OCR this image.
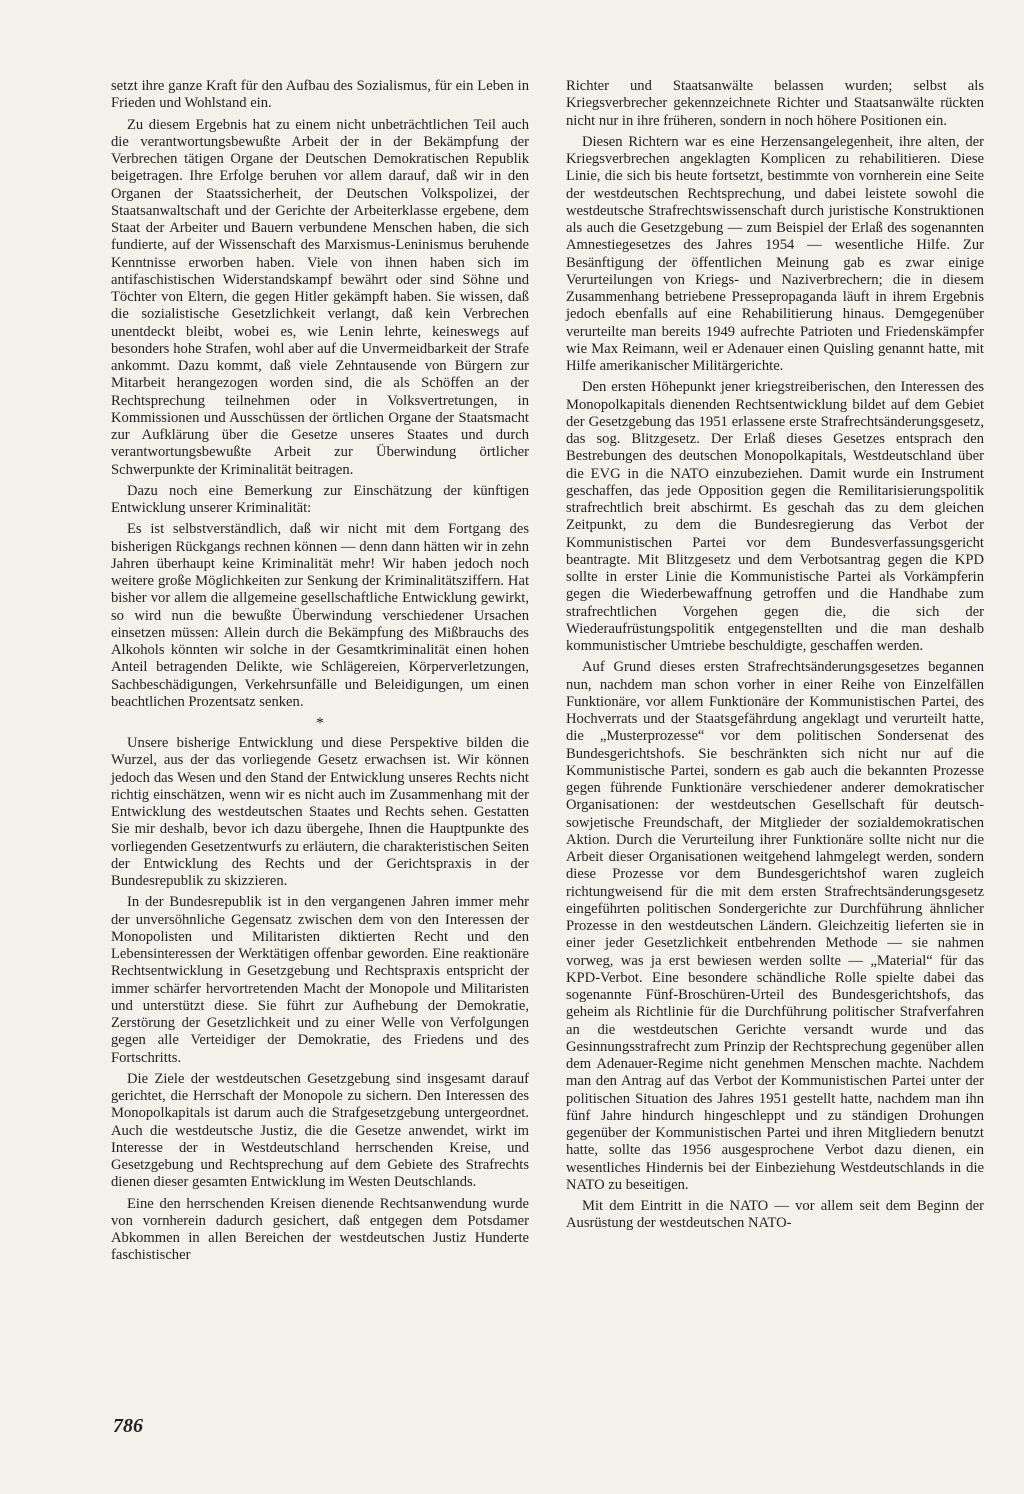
setzt ihre ganze Kraft für den Aufbau des Sozialismus, für ein Leben in Frieden und Wohlstand ein.

Zu diesem Ergebnis hat zu einem nicht unbeträchtlichen Teil auch die verantwortungsbewußte Arbeit der in der Bekämpfung der Verbrechen tätigen Organe der Deutschen Demokratischen Republik beigetragen. Ihre Erfolge beruhen vor allem darauf, daß wir in den Organen der Staatssicherheit, der Deutschen Volkspolizei, der Staatsanwaltschaft und der Gerichte der Arbeiterklasse ergebene, dem Staat der Arbeiter und Bauern verbundene Menschen haben, die sich fundierte, auf der Wissenschaft des Marxismus-Leninismus beruhende Kenntnisse erworben haben. Viele von ihnen haben sich im antifaschistischen Widerstandskampf bewährt oder sind Söhne und Töchter von Eltern, die gegen Hitler gekämpft haben. Sie wissen, daß die sozialistische Gesetzlichkeit verlangt, daß kein Verbrechen unentdeckt bleibt, wobei es, wie Lenin lehrte, keineswegs auf besonders hohe Strafen, wohl aber auf die Unvermeidbarkeit der Strafe ankommt. Dazu kommt, daß viele Zehntausende von Bürgern zur Mitarbeit herangezogen worden sind, die als Schöffen an der Rechtsprechung teilnehmen oder in Volksvertretungen, in Kommissionen und Ausschüssen der örtlichen Organe der Staatsmacht zur Aufklärung über die Gesetze unseres Staates und durch verantwortungsbewußte Arbeit zur Überwindung örtlicher Schwerpunkte der Kriminalität beitragen.

Dazu noch eine Bemerkung zur Einschätzung der künftigen Entwicklung unserer Kriminalität:

Es ist selbstverständlich, daß wir nicht mit dem Fortgang des bisherigen Rückgangs rechnen können — denn dann hätten wir in zehn Jahren überhaupt keine Kriminalität mehr! Wir haben jedoch noch weitere große Möglichkeiten zur Senkung der Kriminalitätsziffern. Hat bisher vor allem die allgemeine gesellschaftliche Entwicklung gewirkt, so wird nun die bewußte Überwindung verschiedener Ursachen einsetzen müssen: Allein durch die Bekämpfung des Mißbrauchs des Alkohols könnten wir solche in der Gesamtkriminalität einen hohen Anteil betragenden Delikte, wie Schlägereien, Körperverletzungen, Sachbeschädigungen, Verkehrsunfälle und Beleidigungen, um einen beachtlichen Prozentsatz senken.

*

Unsere bisherige Entwicklung und diese Perspektive bilden die Wurzel, aus der das vorliegende Gesetz erwachsen ist. Wir können jedoch das Wesen und den Stand der Entwicklung unseres Rechts nicht richtig einschätzen, wenn wir es nicht auch im Zusammenhang mit der Entwicklung des westdeutschen Staates und Rechts sehen. Gestatten Sie mir deshalb, bevor ich dazu übergehe, Ihnen die Hauptpunkte des vorliegenden Gesetzentwurfs zu erläutern, die charakteristischen Seiten der Entwicklung des Rechts und der Gerichtspraxis in der Bundesrepublik zu skizzieren.

In der Bundesrepublik ist in den vergangenen Jahren immer mehr der unversöhnliche Gegensatz zwischen dem von den Interessen der Monopolisten und Militaristen diktierten Recht und den Lebensinteressen der Werktätigen offenbar geworden. Eine reaktionäre Rechtsentwicklung in Gesetzgebung und Rechtspraxis entspricht der immer schärfer hervortretenden Macht der Monopole und Militaristen und unterstützt diese. Sie führt zur Aufhebung der Demokratie, Zerstörung der Gesetzlichkeit und zu einer Welle von Verfolgungen gegen alle Verteidiger der Demokratie, des Friedens und des Fortschritts.

Die Ziele der westdeutschen Gesetzgebung sind insgesamt darauf gerichtet, die Herrschaft der Monopole zu sichern. Den Interessen des Monopolkapitals ist darum auch die Strafgesetzgebung untergeordnet. Auch die westdeutsche Justiz, die die Gesetze anwendet, wirkt im Interesse der in Westdeutschland herrschenden Kreise, und Gesetzgebung und Rechtsprechung auf dem Gebiete des Strafrechts dienen dieser gesamten Entwicklung im Westen Deutschlands.

Eine den herrschenden Kreisen dienende Rechtsanwendung wurde von vornherein dadurch gesichert, daß entgegen dem Potsdamer Abkommen in allen Bereichen der westdeutschen Justiz Hunderte faschistischer

Richter und Staatsanwälte belassen wurden; selbst als Kriegsverbrecher gekennzeichnete Richter und Staatsanwälte rückten nicht nur in ihre früheren, sondern in noch höhere Positionen ein.

Diesen Richtern war es eine Herzensangelegenheit, ihre alten, der Kriegsverbrechen angeklagten Komplicen zu rehabilitieren. Diese Linie, die sich bis heute fortsetzt, bestimmte von vornherein eine Seite der westdeutschen Rechtsprechung, und dabei leistete sowohl die westdeutsche Strafrechtswissenschaft durch juristische Konstruktionen als auch die Gesetzgebung — zum Beispiel der Erlaß des sogenannten Amnestiegesetzes des Jahres 1954 — wesentliche Hilfe. Zur Besänftigung der öffentlichen Meinung gab es zwar einige Verurteilungen von Kriegs- und Naziverbrechern; die in diesem Zusammenhang betriebene Pressepropaganda läuft in ihrem Ergebnis jedoch ebenfalls auf eine Rehabilitierung hinaus. Demgegenüber verurteilte man bereits 1949 aufrechte Patrioten und Friedenskämpfer wie Max Reimann, weil er Adenauer einen Quisling genannt hatte, mit Hilfe amerikanischer Militärgerichte.

Den ersten Höhepunkt jener kriegstreiberischen, den Interessen des Monopolkapitals dienenden Rechtsentwicklung bildet auf dem Gebiet der Gesetzgebung das 1951 erlassene erste Strafrechtsänderungsgesetz, das sog. Blitzgesetz. Der Erlaß dieses Gesetzes entsprach den Bestrebungen des deutschen Monopolkapitals, Westdeutschland über die EVG in die NATO einzubeziehen. Damit wurde ein Instrument geschaffen, das jede Opposition gegen die Remilitarisierungspolitik strafrechtlich breit abschirmt. Es geschah das zu dem gleichen Zeitpunkt, zu dem die Bundesregierung das Verbot der Kommunistischen Partei vor dem Bundesverfassungsgericht beantragte. Mit Blitzgesetz und dem Verbotsantrag gegen die KPD sollte in erster Linie die Kommunistische Partei als Vorkämpferin gegen die Wiederbewaffnung getroffen und die Handhabe zum strafrechtlichen Vorgehen gegen die, die sich der Wiederaufrüstungspolitik entgegenstellten und die man deshalb kommunistischer Umtriebe beschuldigte, geschaffen werden.

Auf Grund dieses ersten Strafrechtsänderungsgesetzes begannen nun, nachdem man schon vorher in einer Reihe von Einzelfällen Funktionäre, vor allem Funktionäre der Kommunistischen Partei, des Hochverrats und der Staatsgefährdung angeklagt und verurteilt hatte, die „Musterprozesse“ vor dem politischen Sondersenat des Bundesgerichtshofs. Sie beschränkten sich nicht nur auf die Kommunistische Partei, sondern es gab auch die bekannten Prozesse gegen führende Funktionäre verschiedener anderer demokratischer Organisationen: der westdeutschen Gesellschaft für deutsch-sowjetische Freundschaft, der Mitglieder der sozialdemokratischen Aktion. Durch die Verurteilung ihrer Funktionäre sollte nicht nur die Arbeit dieser Organisationen weitgehend lahmgelegt werden, sondern diese Prozesse vor dem Bundesgerichtshof waren zugleich richtungweisend für die mit dem ersten Strafrechtsänderungsgesetz eingeführten politischen Sondergerichte zur Durchführung ähnlicher Prozesse in den westdeutschen Ländern. Gleichzeitig lieferten sie in einer jeder Gesetzlichkeit entbehrenden Methode — sie nahmen vorweg, was ja erst bewiesen werden sollte — „Material“ für das KPD-Verbot. Eine besondere schändliche Rolle spielte dabei das sogenannte Fünf-Broschüren-Urteil des Bundesgerichtshofs, das geheim als Richtlinie für die Durchführung politischer Strafverfahren an die westdeutschen Gerichte versandt wurde und das Gesinnungsstrafrecht zum Prinzip der Rechtsprechung gegenüber allen dem Adenauer-Regime nicht genehmen Menschen machte. Nachdem man den Antrag auf das Verbot der Kommunistischen Partei unter der politischen Situation des Jahres 1951 gestellt hatte, nachdem man ihn fünf Jahre hindurch hingeschleppt und zu ständigen Drohungen gegenüber der Kommunistischen Partei und ihren Mitgliedern benutzt hatte, sollte das 1956 ausgesprochene Verbot dazu dienen, ein wesentliches Hindernis bei der Einbeziehung Westdeutschlands in die NATO zu beseitigen.

Mit dem Eintritt in die NATO — vor allem seit dem Beginn der Ausrüstung der westdeutschen NATO-

786
